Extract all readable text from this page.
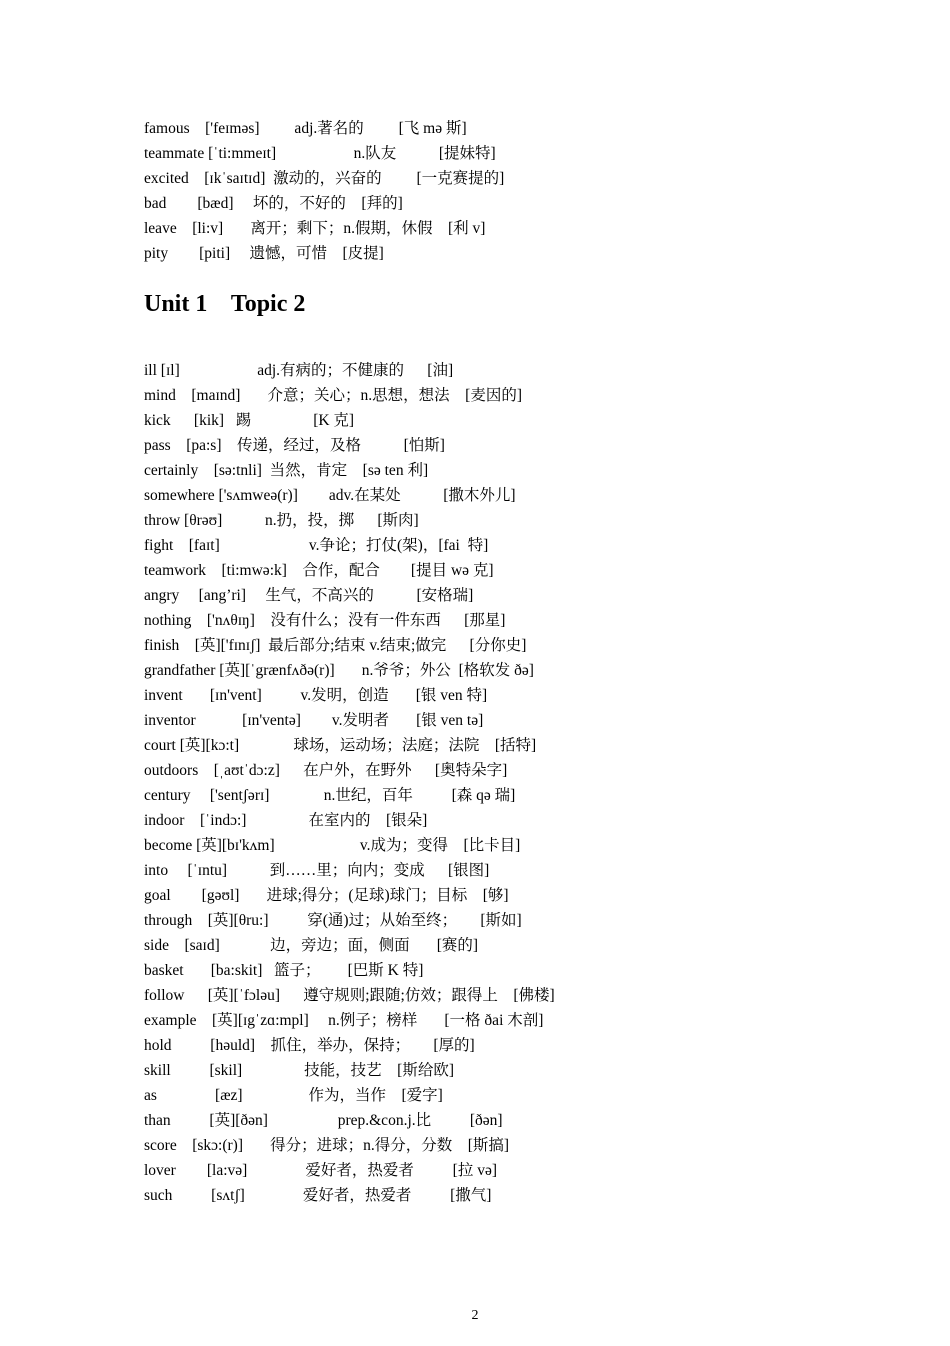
famous    ['feɪməs]         adj.著名的         [飞 mə 斯]
teammate [ˈti:mmeɪt]                    n.队友           [提妹特]
excited    [ɪkˈsaɪtɪd]  激动的，兴奋的         [一克赛提的]
bad        [bæd]     坏的，不好的    [拜的]
leave    [li:v]       离开；剩下；n.假期，休假    [利 v]
pity        [piti]     遗憾，可惜    [皮提]
Unit 1    Topic 2
ill [ɪl]                    adj.有病的；不健康的      [油]
mind    [maɪnd]       介意；关心；n.思想，想法    [麦因的]
kick      [kik]   踢                [K 克]
pass    [pa:s]    传递，经过，及格           [怕斯]
certainly    [sə:tnli]  当然，肯定    [sə ten 利]
somewhere ['sʌmweə(r)]        adv.在某处           [撒木外儿]
throw [θrəʊ]           n.扔，投，掷      [斯肉]
fight    [faɪt]                       v.争论；打仗(架)，[fai  特]
teamwork    [ti:mwə:k]    合作，配合        [提目 wə 克]
angry     [ang’ri]     生气，不高兴的           [安格瑞]
nothing    ['nʌθɪŋ]    没有什么；没有一件东西      [那星]
finish    [英]['fɪnɪʃ]  最后部分;结束 v.结束;做完      [分你史]
grandfather [英][ˈgrænfʌðə(r)]       n.爷爷；外公  [格软发 ðə]
invent       [ɪn'vent]          v.发明，创造       [银 ven 特]
inventor            [ɪn'ventə]        v.发明者       [银 ven tə]
court [英][kɔ:t]              球场，运动场；法庭；法院    [括特]
outdoors    [ˌaʊtˈdɔ:z]      在户外，在野外      [奥特朵字]
century     ['sentʃərɪ]              n.世纪，百年          [森 qə 瑞]
indoor    [ˈindɔ:]                在室内的    [银朵]
become [英][bɪ'kʌm]                      v.成为；变得    [比卡目]
into     [ˈɪntu]           到……里；向内；变成      [银图]
goal        [gəʊl]       进球;得分；(足球)球门；目标    [够]
through    [英][θru:]          穿(通)过；从始至终；      [斯如]
side    [saɪd]             边，旁边；面，侧面       [赛的]
basket       [ba:skit]   篮子；       [巴斯 K 特]
follow      [英][ˈfɔləu]      遵守规则;跟随;仿效；跟得上    [佛楼]
example    [英][ɪgˈzɑ:mpl]     n.例子；榜样       [一格 ðai 木剖]
hold          [həuld]    抓住，举办，保持；      [厚的]
skill          [skil]                技能，技艺    [斯给欧]
as               [æz]                 作为，当作    [爱字]
than          [英][ðən]                  prep.&con.j.比          [ðən]
score    [skɔ:(r)]       得分；进球；n.得分，分数    [斯搞]
lover        [la:və]               爱好者，热爱者          [拉 və]
such          [sʌtʃ]               爱好者，热爱者          [撒气]
2
